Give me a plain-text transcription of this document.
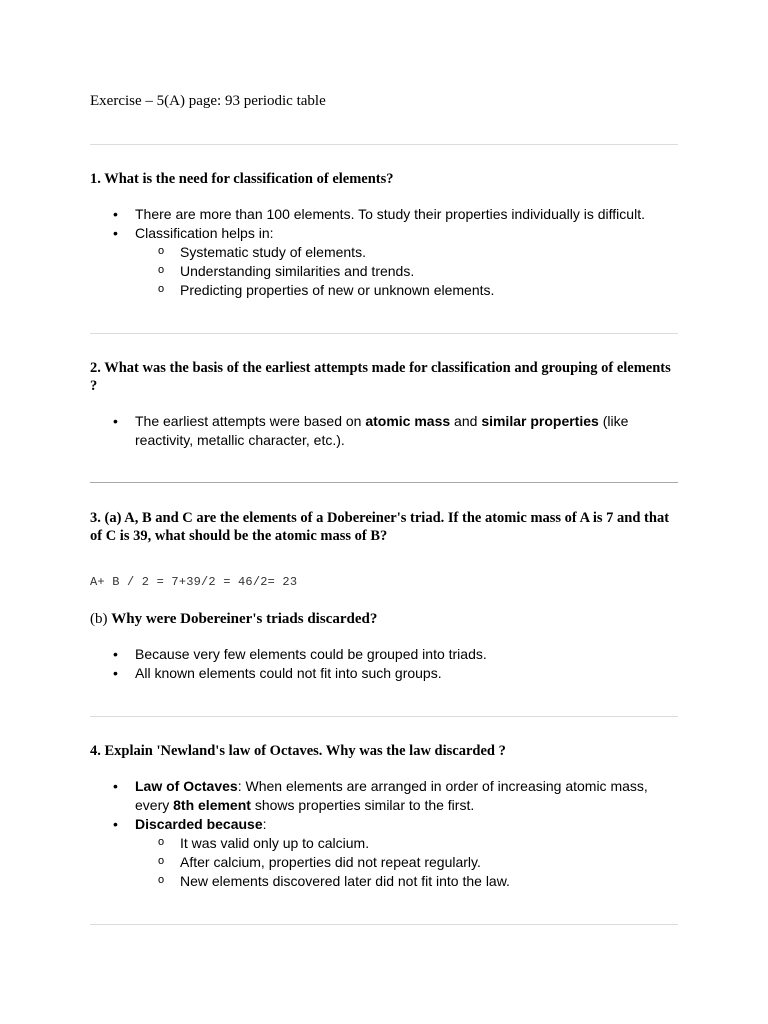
Exercise – 5(A) page: 93 periodic table
1. What is the need for classification of elements?
• There are more than 100 elements. To study their properties individually is difficult.
• Classification helps in:
o Systematic study of elements.
o Understanding similarities and trends.
o Predicting properties of new or unknown elements.
2. What was the basis of the earliest attempts made for classification and grouping of elements ?
• The earliest attempts were based on atomic mass and similar properties (like reactivity, metallic character, etc.).
3. (a) A, B and C are the elements of a Dobereiner's triad. If the atomic mass of A is 7 and that of C is 39, what should be the atomic mass of B?
A+ B / 2 = 7+39/2 = 46/2= 23
(b) Why were Dobereiner's triads discarded?
• Because very few elements could be grouped into triads.
• All known elements could not fit into such groups.
4. Explain 'Newland's law of Octaves. Why was the law discarded ?
• Law of Octaves: When elements are arranged in order of increasing atomic mass, every 8th element shows properties similar to the first.
• Discarded because:
o It was valid only up to calcium.
o After calcium, properties did not repeat regularly.
o New elements discovered later did not fit into the law.
